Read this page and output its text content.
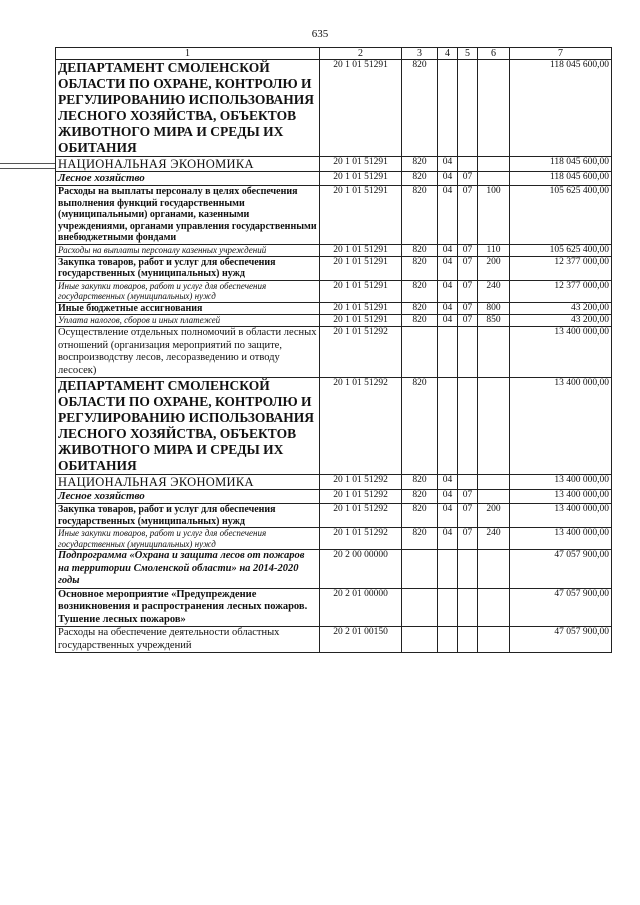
635
1	2	3	4	5	6	7
ДЕПАРТАМЕНТ СМОЛЕНСКОЙ ОБЛАСТИ ПО ОХРАНЕ, КОНТРОЛЮ И РЕГУЛИРОВАНИЮ ИСПОЛЬЗОВАНИЯ ЛЕСНОГО ХОЗЯЙСТВА, ОБЪЕКТОВ ЖИВОТНОГО МИРА И СРЕДЫ ИХ ОБИТАНИЯ	20 1 01 51291	820				118 045 600,00
НАЦИОНАЛЬНАЯ ЭКОНОМИКА	20 1 01 51291	820	04			118 045 600,00
Лесное хозяйство	20 1 01 51291	820	04	07		118 045 600,00
Расходы на выплаты персоналу в целях обеспечения выполнения функций государственными (муниципальными) органами, казенными учреждениями, органами управления государственными внебюджетными фондами	20 1 01 51291	820	04	07	100	105 625 400,00
Расходы на выплаты персоналу казенных учреждений	20 1 01 51291	820	04	07	110	105 625 400,00
Закупка товаров, работ и услуг для обеспечения государственных (муниципальных) нужд	20 1 01 51291	820	04	07	200	12 377 000,00
Иные закупки товаров, работ и услуг для обеспечения государственных (муниципальных) нужд	20 1 01 51291	820	04	07	240	12 377 000,00
Иные бюджетные ассигнования	20 1 01 51291	820	04	07	800	43 200,00
Уплата налогов, сборов и иных платежей	20 1 01 51291	820	04	07	850	43 200,00
Осуществление отдельных полномочий в области лесных отношений (организация мероприятий по защите, воспроизводству лесов, лесоразведению и отводу лесосек)	20 1 01 51292					13 400 000,00
ДЕПАРТАМЕНТ СМОЛЕНСКОЙ ОБЛАСТИ ПО ОХРАНЕ, КОНТРОЛЮ И РЕГУЛИРОВАНИЮ ИСПОЛЬЗОВАНИЯ ЛЕСНОГО ХОЗЯЙСТВА, ОБЪЕКТОВ ЖИВОТНОГО МИРА И СРЕДЫ ИХ ОБИТАНИЯ	20 1 01 51292	820				13 400 000,00
НАЦИОНАЛЬНАЯ ЭКОНОМИКА	20 1 01 51292	820	04			13 400 000,00
Лесное хозяйство	20 1 01 51292	820	04	07		13 400 000,00
Закупка товаров, работ и услуг для обеспечения государственных (муниципальных) нужд	20 1 01 51292	820	04	07	200	13 400 000,00
Иные закупки товаров, работ и услуг для обеспечения государственных (муниципальных) нужд	20 1 01 51292	820	04	07	240	13 400 000,00
Подпрограмма «Охрана и защита лесов от пожаров на территории Смоленской области» на 2014-2020 годы	20 2 00 00000					47 057 900,00
Основное мероприятие «Предупреждение возникновения и распространения лесных пожаров. Тушение лесных пожаров»	20 2 01 00000					47 057 900,00
Расходы на обеспечение деятельности областных государственных учреждений	20 2 01 00150					47 057 900,00
